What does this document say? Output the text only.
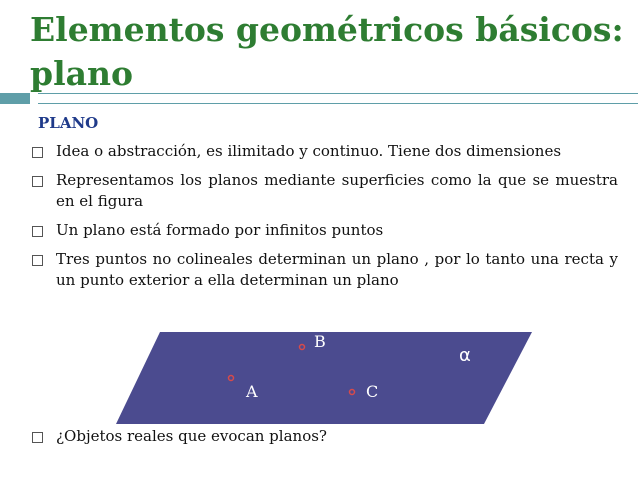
Elementos geométricos básicos: plano
PLANO
Idea o abstracción, es ilimitado y continuo. Tiene dos dimensiones
Representamos los planos mediante superficies como la que se muestra en el figura
Un plano está formado por infinitos puntos
Tres puntos no colineales determinan un plano , por lo tanto una recta y un punto exterior a ella determinan un plano
B
A	C
α
¿Objetos reales que evocan planos?
